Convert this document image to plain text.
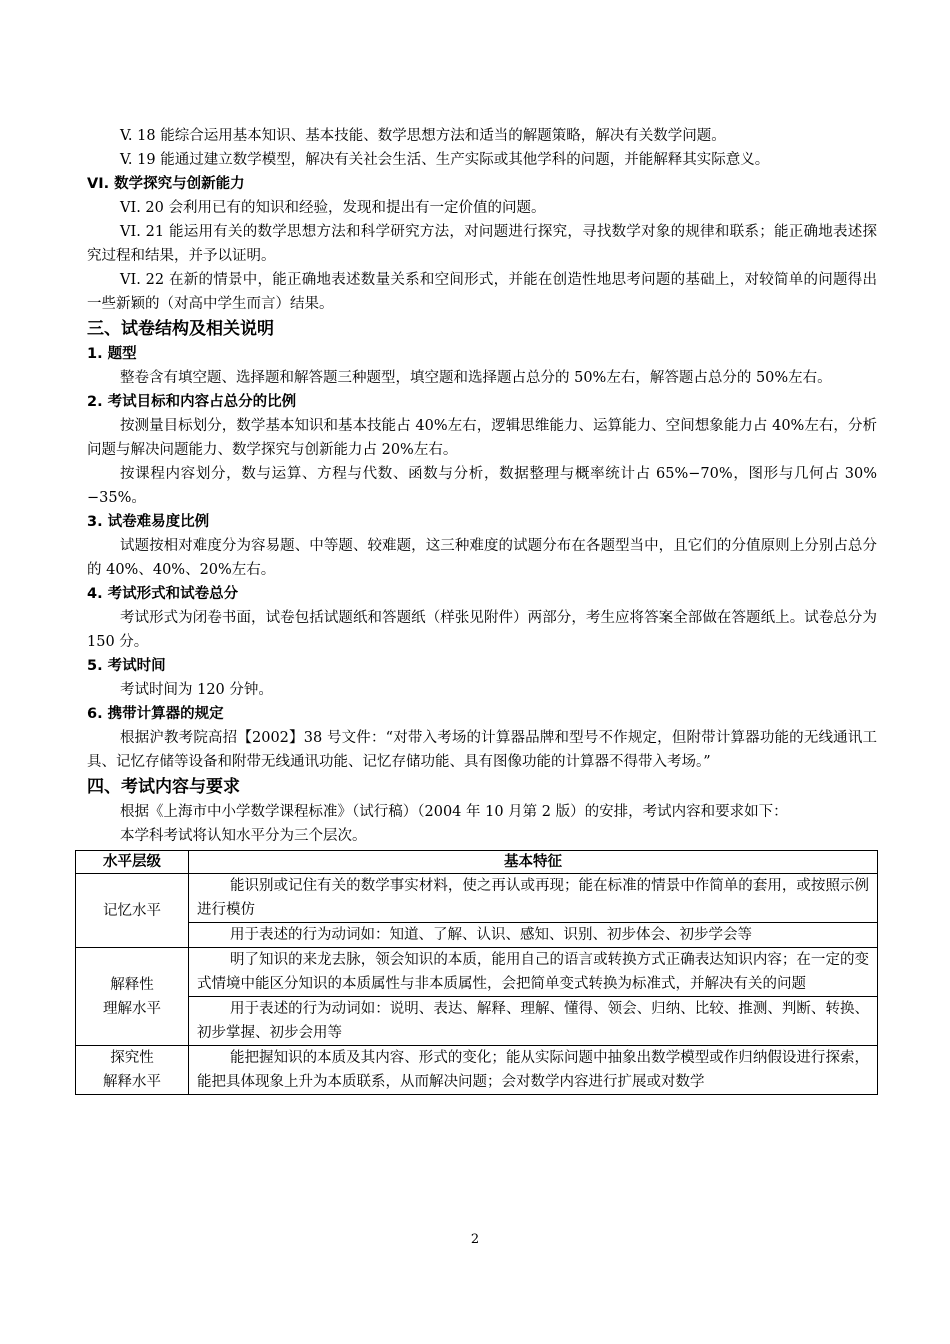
V. 18 能综合运用基本知识、基本技能、数学思想方法和适当的解题策略，解决有关数学问题。

V. 19 能通过建立数学模型，解决有关社会生活、生产实际或其他学科的问题，并能解释其实际意义。

VI. 数学探究与创新能力

VI. 20 会利用已有的知识和经验，发现和提出有一定价值的问题。

VI. 21 能运用有关的数学思想方法和科学研究方法，对问题进行探究，寻找数学对象的规律和联系；能正确地表述探究过程和结果，并予以证明。

VI. 22 在新的情景中，能正确地表述数量关系和空间形式，并能在创造性地思考问题的基础上，对较简单的问题得出一些新颖的（对高中学生而言）结果。

三、试卷结构及相关说明

1. 题型

整卷含有填空题、选择题和解答题三种题型，填空题和选择题占总分的 50%左右，解答题占总分的 50%左右。

2. 考试目标和内容占总分的比例

按测量目标划分，数学基本知识和基本技能占 40%左右，逻辑思维能力、运算能力、空间想象能力占 40%左右，分析问题与解决问题能力、数学探究与创新能力占 20%左右。

按课程内容划分，数与运算、方程与代数、函数与分析，数据整理与概率统计占 65%−70%，图形与几何占 30%−35%。

3. 试卷难易度比例

试题按相对难度分为容易题、中等题、较难题，这三种难度的试题分布在各题型当中，且它们的分值原则上分别占总分的 40%、40%、20%左右。

4. 考试形式和试卷总分

考试形式为闭卷书面，试卷包括试题纸和答题纸（样张见附件）两部分，考生应将答案全部做在答题纸上。试卷总分为 150 分。

5. 考试时间

考试时间为 120 分钟。

6. 携带计算器的规定

根据沪教考院高招【2002】38 号文件：“对带入考场的计算器品牌和型号不作规定，但附带计算器功能的无线通讯工具、记忆存储等设备和附带无线通讯功能、记忆存储功能、具有图像功能的计算器不得带入考场。”

四、考试内容与要求

根据《上海市中小学数学课程标准》（试行稿）（2004 年 10 月第 2 版）的安排，考试内容和要求如下：

本学科考试将认知水平分为三个层次。

水平层级	基本特征
记忆水平	能识别或记住有关的数学事实材料，使之再认或再现；能在标准的情景中作简单的套用，或按照示例进行模仿
	用于表述的行为动词如：知道、了解、认识、感知、识别、初步体会、初步学会等
解释性
理解水平	明了知识的来龙去脉，领会知识的本质，能用自己的语言或转换方式正确表达知识内容；在一定的变式情境中能区分知识的本质属性与非本质属性，会把简单变式转换为标准式，并解决有关的问题
	用于表述的行为动词如：说明、表达、解释、理解、懂得、领会、归纳、比较、推测、判断、转换、初步掌握、初步会用等
探究性
解释水平	能把握知识的本质及其内容、形式的变化；能从实际问题中抽象出数学模型或作归纳假设进行探索，能把具体现象上升为本质联系，从而解决问题；会对数学内容进行扩展或对数学
2
